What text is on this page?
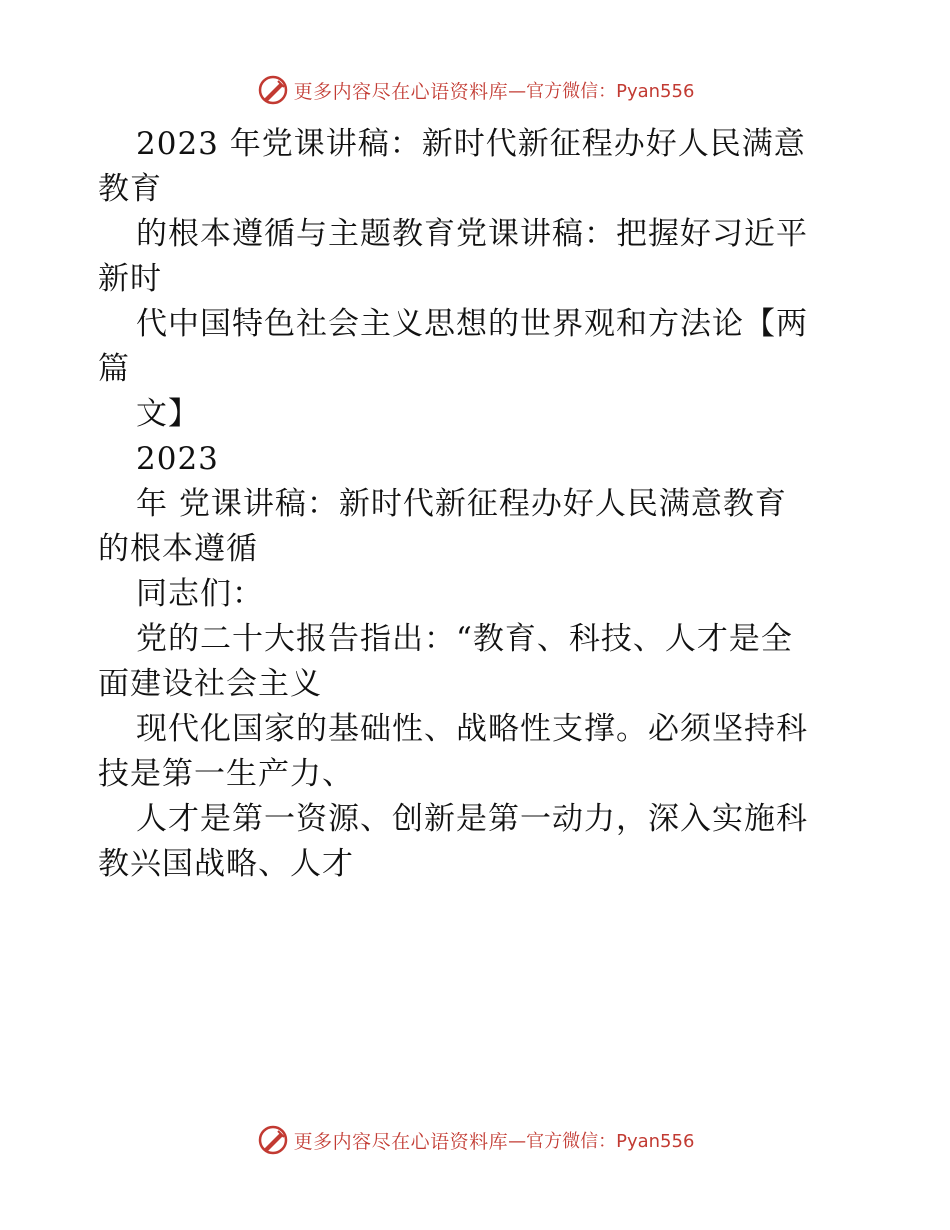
更多内容尽在心语资料库 —官方微信：Pyan556
2023 年党课讲稿：新时代新征程办好人民满意
教育
的根本遵循与主题教育党课讲稿：把握好习近平
新时
代中国特色社会主义思想的世界观和方法论【两
篇
文】
2023
年 党课讲稿：新时代新征程办好人民满意教育
的根本遵循
同志们：
党的二十大报告指出：“教育、科技、人才是全
面建设社会主义
现代化国家的基础性、战略性支撑。必须坚持科
技是第一生产力、
人才是第一资源、创新是第一动力，深入实施科
教兴国战略、人才
更多内容尽在心语资料库 —官方微信：Pyan556
